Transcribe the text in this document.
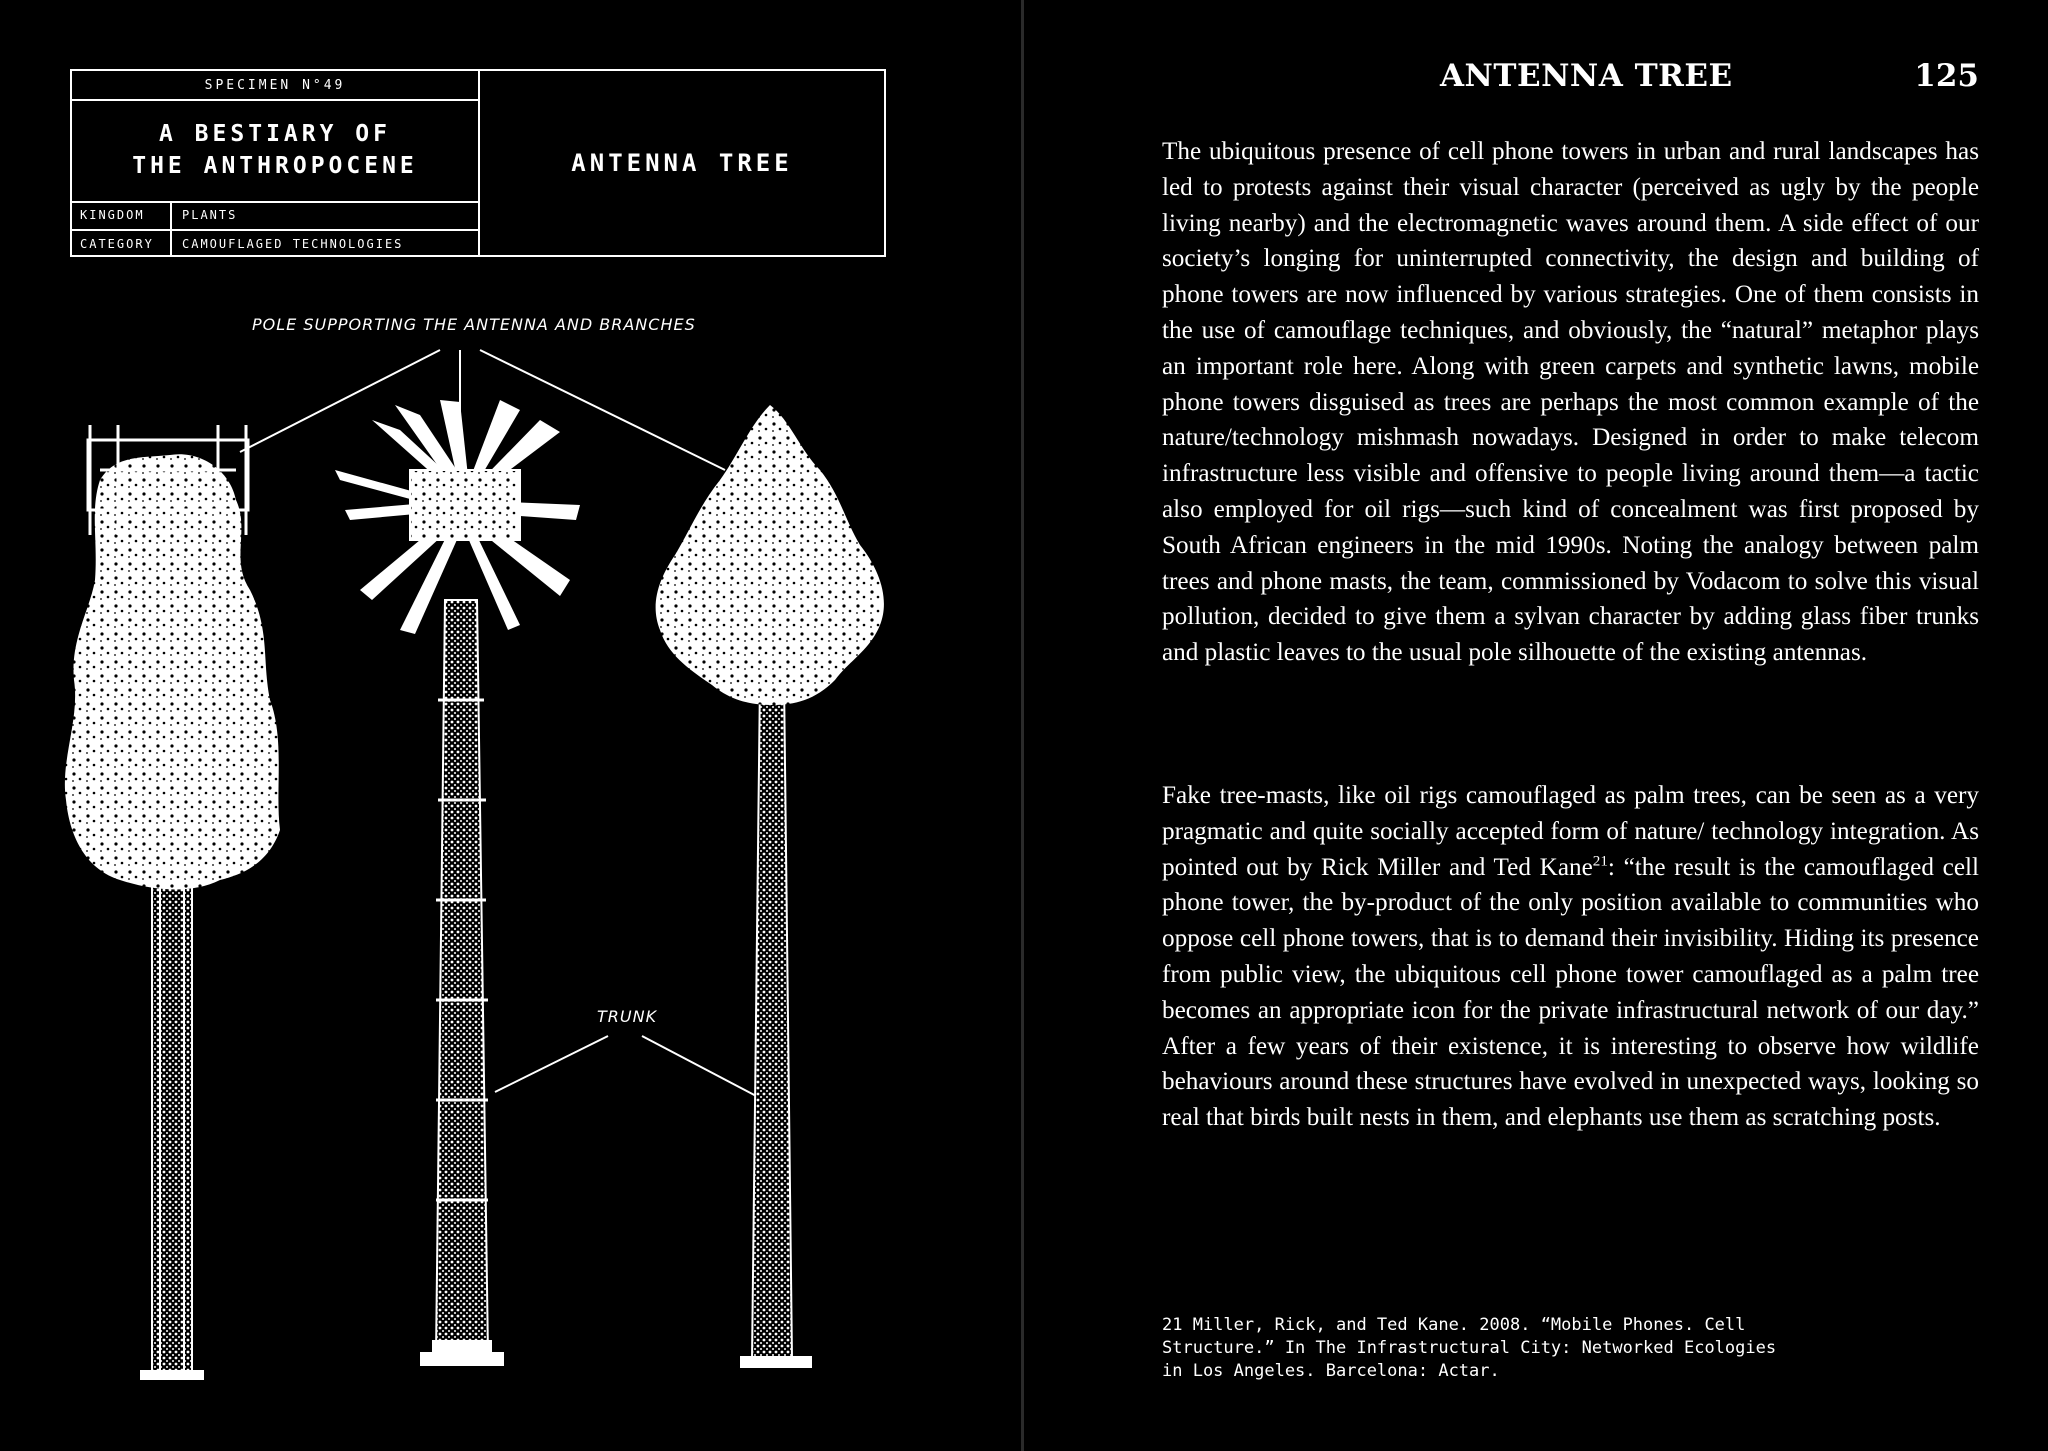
SPECIMEN N°49
A BESTIARY OF
THE ANTHROPOCENE
KINGDOM	PLANTS
CATEGORY CAMOUFLAGED TECHNOLOGIES
ANTENNA TREE
POLE SUPPORTING THE ANTENNA AND BRANCHES
TRUNK
ANTENNA TREE	125
The ubiquitous presence of cell phone towers in urban and rural landscapes has led to protests against their visual character (perceived as ugly by the people living nearby) and the electromagnetic waves around them. A side effect of our society’s longing for uninterrupted connectivity, the design and building of phone towers are now influenced by various strategies. One of them consists in the use of camouflage techniques, and obviously, the “natural” metaphor plays an important role here. Along with green carpets and synthetic lawns, mobile phone towers disguised as trees are perhaps the most common example of the nature/technology mishmash nowadays. Designed in order to make telecom infrastructure less visible and offensive to people living around them—a tactic also employed for oil rigs—such kind of concealment was first proposed by South African engineers in the mid 1990s. Noting the analogy between palm trees and phone masts, the team, commissioned by Vodacom to solve this visual pollution, decided to give them a sylvan character by adding glass fiber trunks and plastic leaves to the usual pole silhouette of the existing antennas.
Fake tree-masts, like oil rigs camouflaged as palm trees, can be seen as a very pragmatic and quite socially accepted form of nature/ technology integration. As pointed out by Rick Miller and Ted Kane$^{21}$: “the result is the camouflaged cell phone tower, the by-product of the only position available to communities who oppose cell phone towers, that is to demand their invisibility. Hiding its presence from public view, the ubiquitous cell phone tower camouflaged as a palm tree becomes an appropriate icon for the private infrastructural network of our day.” After a few years of their existence, it is interesting to observe how wildlife behaviours around these structures have evolved in unexpected ways, looking so real that birds built nests in them, and elephants use them as scratching posts.
21 Miller, Rick, and Ted Kane. 2008. “Mobile Phones. Cell
Structure.” In The Infrastructural City: Networked Ecologies
in Los Angeles. Barcelona: Actar.
